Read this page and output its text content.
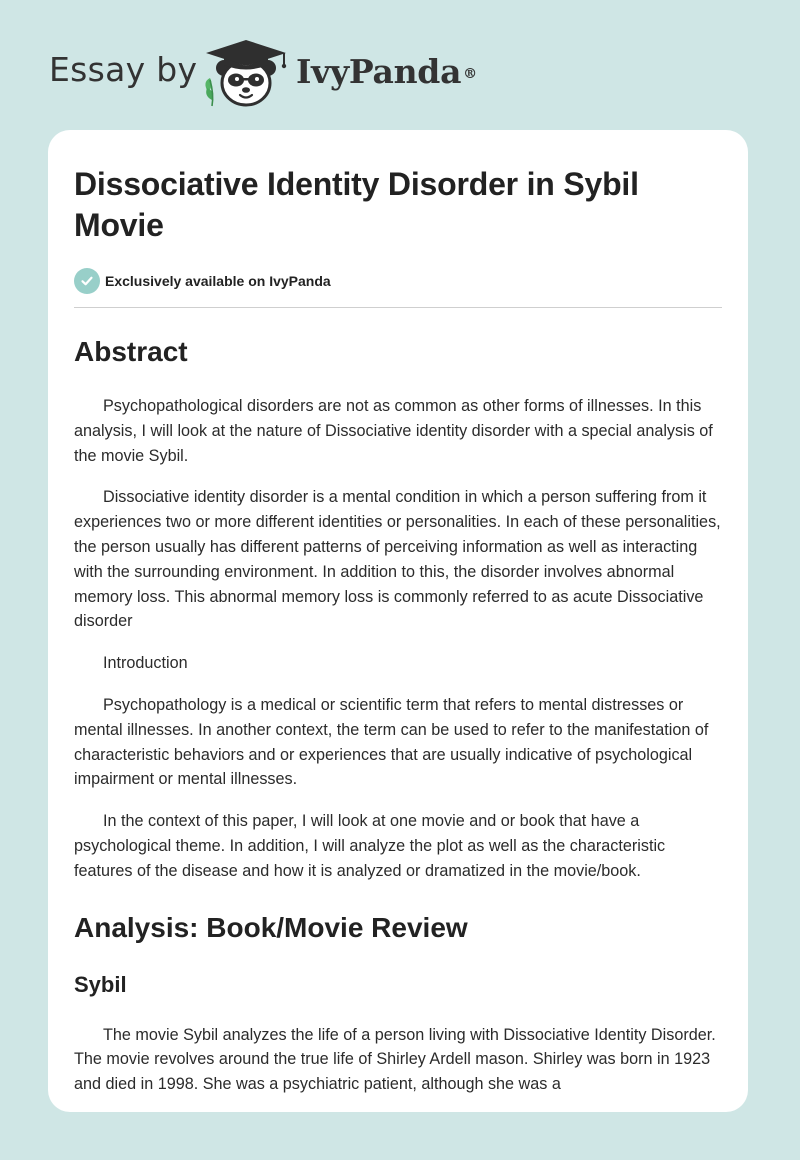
Essay by	IvyPanda ®
Dissociative Identity Disorder in Sybil Movie
Exclusively available on IvyPanda
Abstract

Psychopathological disorders are not as common as other forms of illnesses. In this analysis, I will look at the nature of Dissociative identity disorder with a special analysis of the movie Sybil.

Dissociative identity disorder is a mental condition in which a person suffering from it experiences two or more different identities or personalities. In each of these personalities, the person usually has different patterns of perceiving information as well as interacting with the surrounding environment. In addition to this, the disorder involves abnormal memory loss. This abnormal memory loss is commonly referred to as acute Dissociative disorder

Introduction

Psychopathology is a medical or scientific term that refers to mental distresses or mental illnesses. In another context, the term can be used to refer to the manifestation of characteristic behaviors and or experiences that are usually indicative of psychological impairment or mental illnesses.

In the context of this paper, I will look at one movie and or book that have a psychological theme. In addition, I will analyze the plot as well as the characteristic features of the disease and how it is analyzed or dramatized in the movie/book.

Analysis: Book/Movie Review
Sybil

The movie Sybil analyzes the life of a person living with Dissociative Identity Disorder. The movie revolves around the true life of Shirley Ardell mason. Shirley was born in 1923 and died in 1998. She was a psychiatric patient, although she was a
